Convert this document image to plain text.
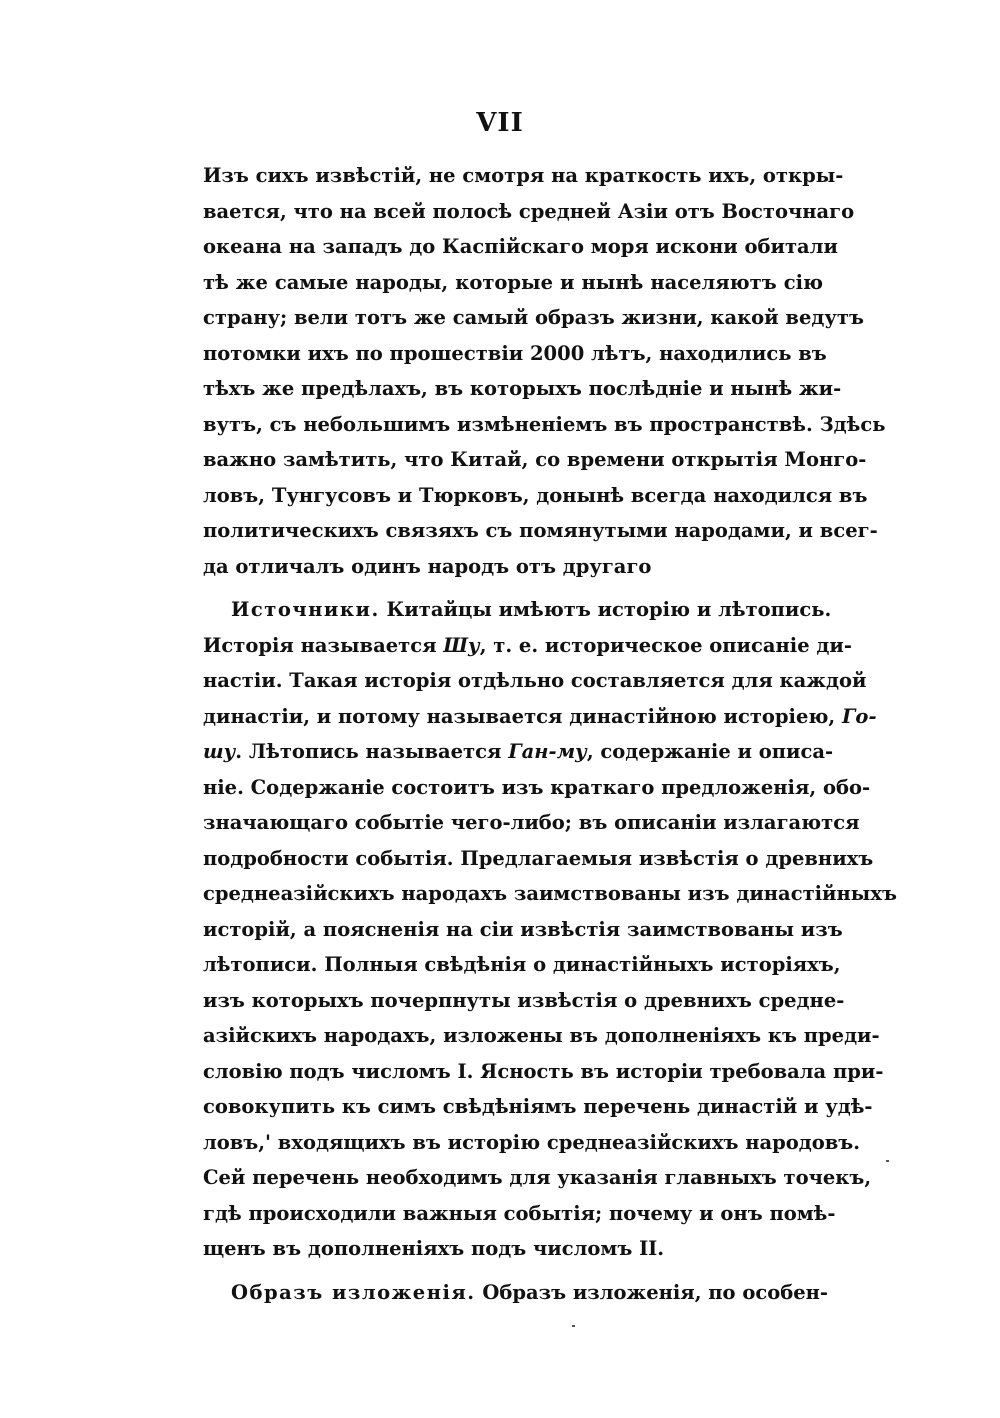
VII
Изъ сихъ извѣстій, не смотря на краткость ихъ, откры-
вается, что на всей полосѣ средней Азіи отъ Восточнаго
океана на западъ до Каспійскаго моря искони обитали
тѣ же самые народы, которые и нынѣ населяютъ сію
страну; вели тотъ же самый образъ жизни, какой ведутъ
потомки ихъ по прошествіи 2000 лѣтъ, находились въ
тѣхъ же предѣлахъ, въ которыхъ послѣдніе и нынѣ жи-
вутъ, съ небольшимъ измѣненіемъ въ пространствѣ. Здѣсь
важно замѣтить, что Китай, со времени открытія Монго-
ловъ, Тунгусовъ и Тюрковъ, донынѣ всегда находился въ
политическихъ связяхъ съ помянутыми народами, и всег-
да отличалъ одинъ народъ отъ другаго
Источники. Китайцы имѣютъ исторію и лѣтопись.
Исторія называется Шу, т. е. историческое описаніе ди-
настіи. Такая исторія отдѣльно составляется для каждой
династіи, и потому называется династійною исторіею, Го-
шу. Лѣтопись называется Ган-му, содержаніе и описа-
ніе. Содержаніе состоитъ изъ краткаго предложенія, обо-
значающаго событіе чего-либо; въ описаніи излагаются
подробности событія. Предлагаемыя извѣстія о древнихъ
среднеазійскихъ народахъ заимствованы изъ династійныхъ
исторій, а поясненія на сіи извѣстія заимствованы изъ
лѣтописи. Полныя свѣдѣнія о династійныхъ исторіяхъ,
изъ которыхъ почерпнуты извѣстія о древнихъ средне-
азійскихъ народахъ, изложены въ дополненіяхъ къ преди-
словію подъ числомъ I. Ясность въ исторіи требовала при-
совокупить къ симъ свѣдѣніямъ перечень династій и удѣ-
ловъ,' входящихъ въ исторію среднеазійскихъ народовъ.
Сей перечень необходимъ для указанія главныхъ точекъ,
гдѣ происходили важныя событія; почему и онъ помѣ-
щенъ въ дополненіяхъ подъ числомъ II.
Образъ изложенія. Образъ изложенія, по особен-
